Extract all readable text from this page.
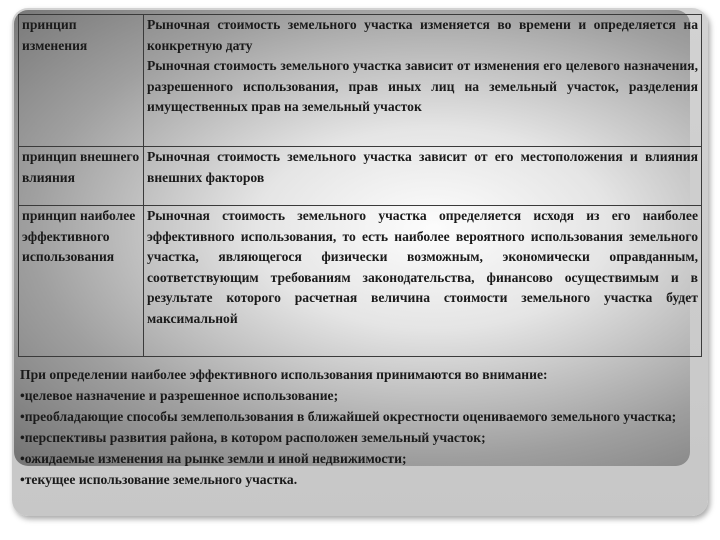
принцип изменения	Рыночная стоимость земельного участка изменяется во времени и определяется на конкретную дату
Рыночная стоимость земельного участка зависит от изменения его целевого назначения, разрешенного использования, прав иных лиц на земельный участок, разделения имущественных прав на земельный участок

принцип внешнего влияния	Рыночная стоимость земельного участка зависит от его местоположения и влияния внешних факторов

принцип наиболее эффективного использования	Рыночная стоимость земельного участка определяется исходя из его наиболее эффективного использования, то есть наиболее вероятного использования земельного участка, являющегося физически возможным, экономически оправданным, соответствующим требованиям законодательства, финансово осуществимым и в результате которого расчетная величина стоимости земельного участка будет максимальной

При определении наиболее эффективного использования принимаются во внимание:

•целевое назначение и разрешенное использование;

•преобладающие способы землепользования в ближайшей окрестности оцениваемого земельного участка;

•перспективы развития района, в котором расположен земельный участок;

•ожидаемые изменения на рынке земли и иной недвижимости;

•текущее использование земельного участка.
